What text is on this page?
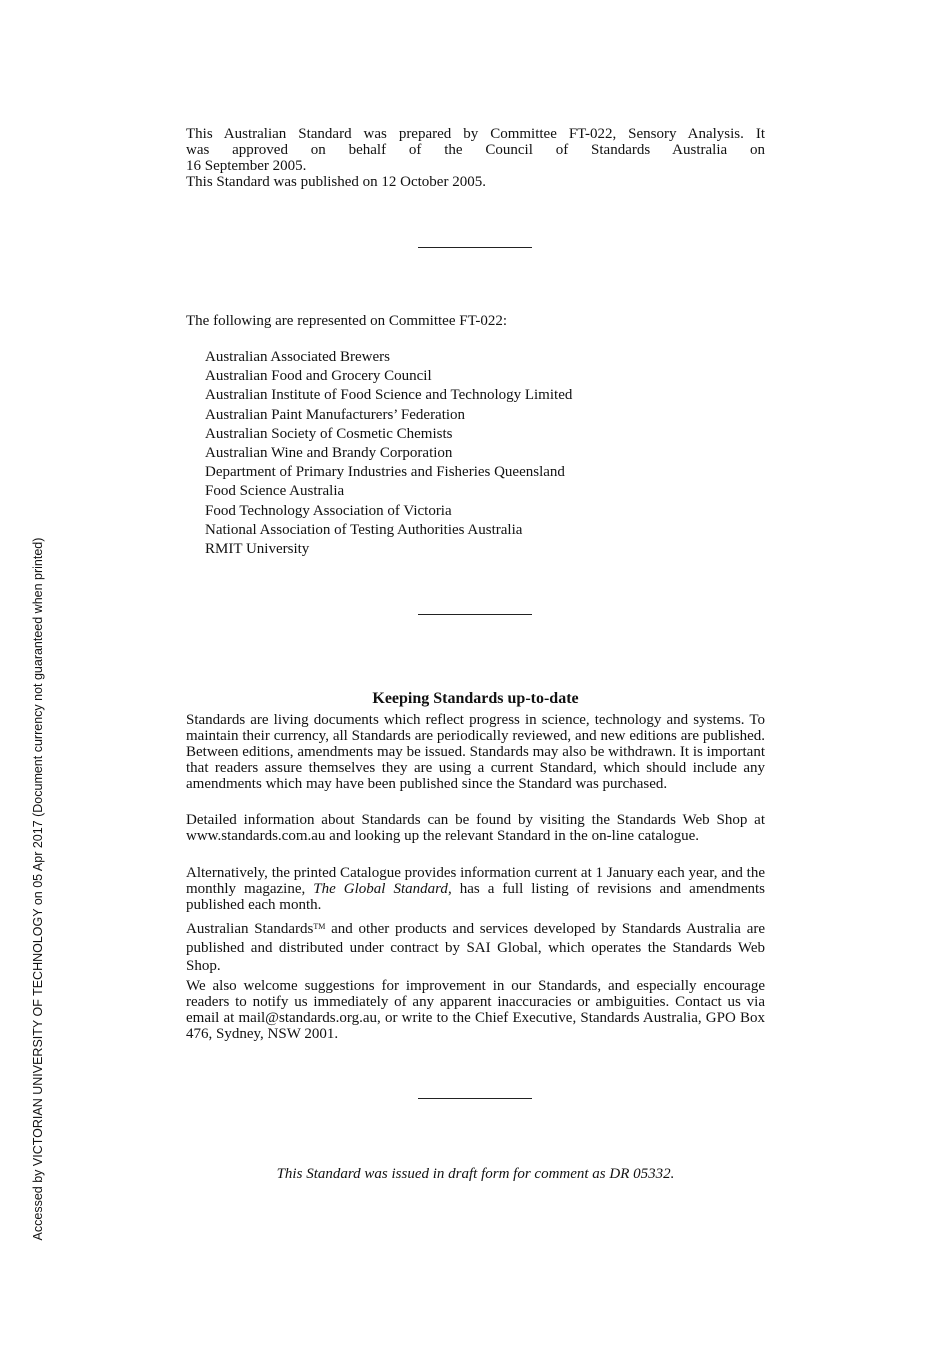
Accessed by VICTORIAN UNIVERSITY OF TECHNOLOGY on 05 Apr 2017 (Document currency not guaranteed when printed)
This Australian Standard was prepared by Committee FT-022, Sensory Analysis. It
was approved on behalf of the Council of Standards Australia on
16 September 2005.
This Standard was published on 12 October 2005.
The following are represented on Committee FT-022:
Australian Associated Brewers
Australian Food and Grocery Council
Australian Institute of Food Science and Technology Limited
Australian Paint Manufacturers’ Federation
Australian Society of Cosmetic Chemists
Australian Wine and Brandy Corporation
Department of Primary Industries and Fisheries Queensland
Food Science Australia
Food Technology Association of Victoria
National Association of Testing Authorities Australia
RMIT University
Keeping Standards up-to-date

Standards are living documents which reflect progress in science, technology and systems. To maintain their currency, all Standards are periodically reviewed, and new editions are published. Between editions, amendments may be issued. Standards may also be withdrawn. It is important that readers assure themselves they are using a current Standard, which should include any amendments which may have been published since the Standard was purchased.

Detailed information about Standards can be found by visiting the Standards Web Shop at www.standards.com.au and looking up the relevant Standard in the on-line catalogue.

Alternatively, the printed Catalogue provides information current at 1 January each year, and the monthly magazine, The Global Standard, has a full listing of revisions and amendments published each month.

Australian Standards™ and other products and services developed by Standards Australia are published and distributed under contract by SAI Global, which operates the Standards Web Shop.

We also welcome suggestions for improvement in our Standards, and especially encourage readers to notify us immediately of any apparent inaccuracies or ambiguities. Contact us via email at mail@standards.org.au, or write to the Chief Executive, Standards Australia, GPO Box 476, Sydney, NSW 2001.

This Standard was issued in draft form for comment as DR 05332.
